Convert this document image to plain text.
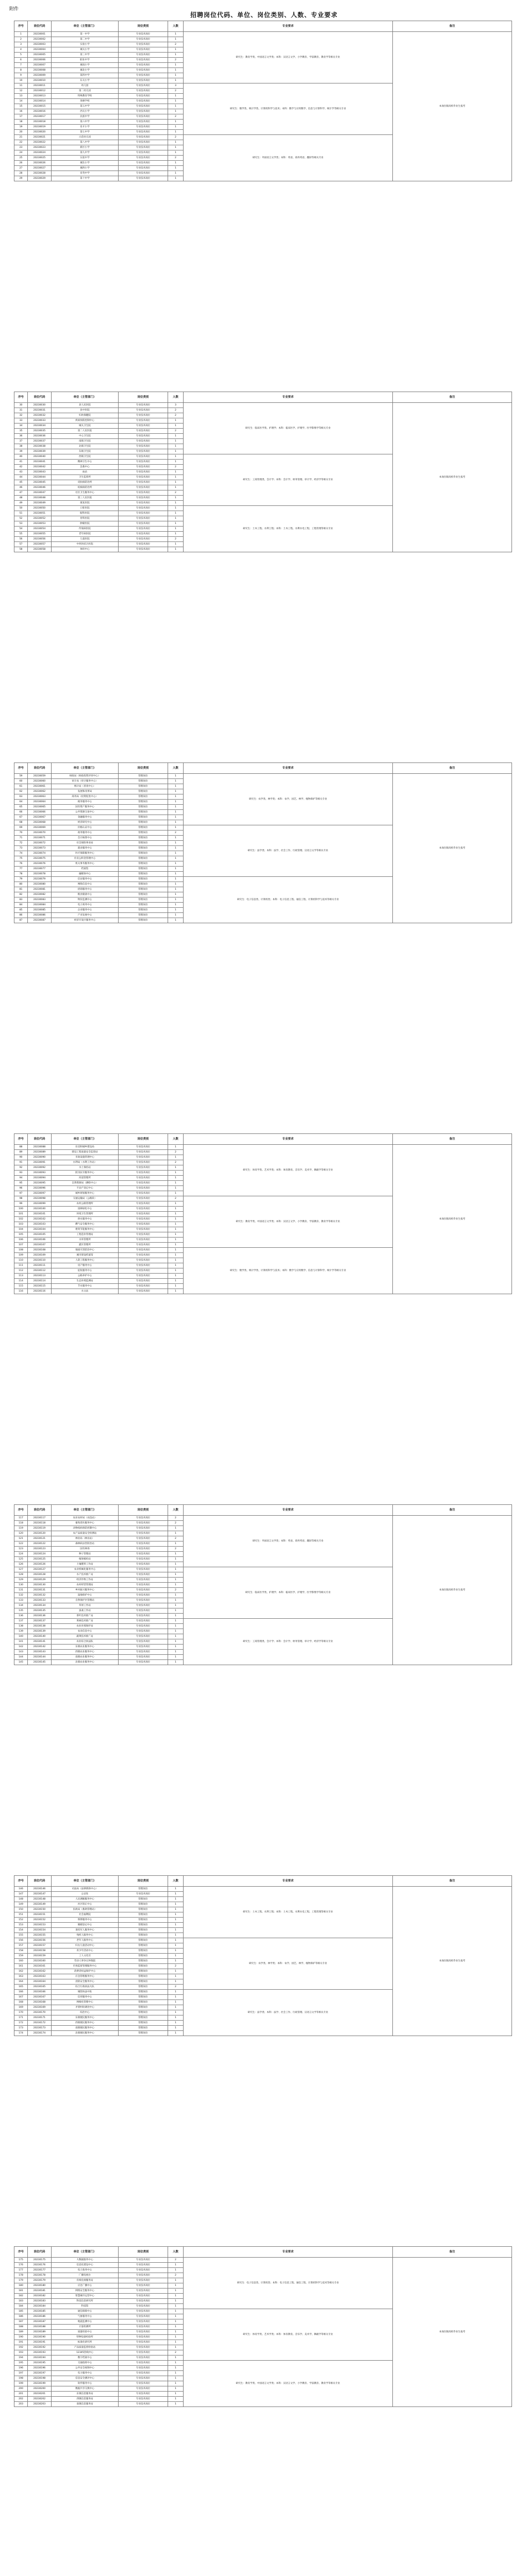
附件
招聘岗位代码、单位、岗位类别、人数、专业要求
序号	岗位代码	单位（主管部门）	岗位类别	人数	专业要求	备注
1	20230001	第一中学	专业技术岗位	1	研究生：教育学类、中国语言文学类；本科：汉语言文学、小学教育、学前教育、教育学等相关专业	本岗位限高校毕业生报考
2	20230002	第二中学	专业技术岗位	1		
3	20230003	实验小学	专业技术岗位	2		
4	20230004	城关小学	专业技术岗位	1		
5	20230005	第三中学	专业技术岗位	1		
6	20230006	职业中学	专业技术岗位	2		
7	20230007	城南小学	专业技术岗位	1		
8	20230008	城北小学	专业技术岗位	1		
9	20230009	第四中学	专业技术岗位	1		
10	20230010	东关小学	专业技术岗位	1		
11	20230011	幼儿园	专业技术岗位	3	研究生：数学类、统计学类、计算机科学与技术；本科：数学与应用数学、信息与计算科学、统计学等相关专业	
12	20230012	第二幼儿园	专业技术岗位	2		
13	20230013	特殊教育学校	专业技术岗位	1		
14	20230014	进修学校	专业技术岗位	1		
15	20230015	第五中学	专业技术岗位	1		
16	20230016	西关小学	专业技术岗位	1		
17	20230017	民族中学	专业技术岗位	2		
18	20230018	第六中学	专业技术岗位	1		
19	20230019	育才小学	专业技术岗位	1		
20	20230020	第七中学	专业技术岗位	1		
21	20230021	示范幼儿园	专业技术岗位	2	研究生：外国语言文学类；本科：英语、商务英语、翻译等相关专业	
22	20230022	第八中学	专业技术岗位	1		
23	20230023	新区小学	专业技术岗位	1		
24	20230024	第九中学	专业技术岗位	1		
25	20230025	实验中学	专业技术岗位	2		
26	20230026	城东小学	专业技术岗位	1		
27	20230027	城西小学	专业技术岗位	1		
28	20230028	育英中学	专业技术岗位	1		
29	20230029	第十中学	专业技术岗位	1		
序号	岗位代码	单位（主管部门）	岗位类别	人数	专业要求	备注
30	20230030	县人民医院	专业技术岗位	3	研究生：临床医学类、护理学；本科：临床医学、护理学、医学影像学等相关专业	本岗位限高校毕业生报考
31	20230031	县中医院	专业技术岗位	2		
32	20230032	妇幼保健院	专业技术岗位	2		
33	20230033	疾病预防控制中心	专业技术岗位	1		
34	20230034	城关卫生院	专业技术岗位	1		
35	20230035	第二人民医院	专业技术岗位	2		
36	20230036	中心卫生院	专业技术岗位	1		
37	20230037	南镇卫生院	专业技术岗位	1		
38	20230038	北镇卫生院	专业技术岗位	1		
39	20230039	东镇卫生院	专业技术岗位	1		
40	20230040	西镇卫生院	专业技术岗位	1	研究生：工商管理类、会计学；本科：会计学、财务管理、审计学、经济学等相关专业	
41	20230041	精神卫生中心	专业技术岗位	1		
42	20230042	急救中心	专业技术岗位	2		
43	20230043	血站	专业技术岗位	1		
44	20230044	卫生监督所	专业技术岗位	1		
45	20230045	皮肤病防治所	专业技术岗位	1		
46	20230046	结核病防治所	专业技术岗位	1		
47	20230047	社区卫生服务中心	专业技术岗位	2		
48	20230048	第三人民医院	专业技术岗位	1		
49	20230049	康复医院	专业技术岗位	1		
50	20230050	口腔医院	专业技术岗位	1	研究生：土木工程、水利工程；本科：土木工程、水利水电工程、工程管理等相关专业	
51	20230051	眼科医院	专业技术岗位	1		
52	20230052	骨科医院	专业技术岗位	1		
53	20230053	肿瘤医院	专业技术岗位	1		
54	20230054	传染病医院	专业技术岗位	1		
55	20230055	老年病医院	专业技术岗位	1		
56	20230056	儿童医院	专业技术岗位	2		
57	20230057	中西医结合医院	专业技术岗位	1		
58	20230058	体检中心	专业技术岗位	1		
序号	岗位代码	单位（主管部门）	岗位类别	人数	专业要求	备注
59	20230059	财政局（财政投资评审中心）	管理岗位	1	研究生：农学类、林学类；本科：农学、园艺、林学、植物保护等相关专业	本岗位限高校毕业生报考
60	20230060	审计局（审计服务中心）	管理岗位	1		
61	20230061	统计局（普查中心）	管理岗位	1		
62	20230062	发展和改革局	管理岗位	1		
63	20230063	商务局（投资促进中心）	管理岗位	1		
64	20230064	税务服务中心	管理岗位	1		
65	20230065	国有资产服务中心	管理岗位	1		
66	20230066	公共资源交易中心	管理岗位	1		
67	20230067	金融服务中心	管理岗位	1		
68	20230068	经济研究中心	管理岗位	1		
69	20230069	价格认证中心	管理岗位	1	研究生：法学类；本科：法学、社会工作、行政管理、汉语言文学等相关专业	
70	20230070	政务服务中心	管理岗位	2		
71	20230071	会计核算中心	管理岗位	1		
72	20230072	社会保险事业局	管理岗位	1		
73	20230073	就业服务中心	管理岗位	1		
74	20230074	医疗保障服务中心	管理岗位	1		
75	20230075	住房公积金管理中心	管理岗位	1		
76	20230076	机关事务服务中心	管理岗位	1		
77	20230077	档案馆	管理岗位	1		
78	20230078	融媒体中心	管理岗位	1		
79	20230079	信访服务中心	管理岗位	1	研究生：电子信息类、计算机类；本科：电子信息工程、通信工程、计算机科学与技术等相关专业	
80	20230080	网络信息中心	管理岗位	1		
81	20230081	招商服务中心	管理岗位	1		
82	20230082	粮食储备中心	管理岗位	1		
83	20230083	物价监测中心	管理岗位	1		
84	20230084	电子商务中心	管理岗位	1		
85	20230085	企业服务中心	管理岗位	1		
86	20230086	产业发展中心	管理岗位	1		
87	20230087	经济开发区服务中心	管理岗位	1		
序号	岗位代码	单位（主管部门）	岗位类别	人数	专业要求	备注
88	20230088	住房和城乡建设局	专业技术岗位	1	研究生：体育学类、艺术学类；本科：体育教育、音乐学、美术学、舞蹈学等相关专业	本岗位限高校毕业生报考
89	20230089	建设工程质量安全监督站	专业技术岗位	2		
90	20230090	市政设施管理中心	专业技术岗位	1		
91	20230091	水利局（水利工作站）	专业技术岗位	2		
92	20230092	水土保持站	专业技术岗位	1		
93	20230093	防汛抗旱服务中心	专业技术岗位	1		
94	20230094	河道管理所	专业技术岗位	1		
95	20230095	自然资源局（测绘中心）	专业技术岗位	1		
96	20230096	不动产登记中心	专业技术岗位	1		
97	20230097	城乡规划服务中心	专业技术岗位	1		
98	20230098	交通运输局（公路段）	专业技术岗位	2	研究生：教育学类、中国语言文学类；本科：汉语言文学、小学教育、学前教育、教育学等相关专业	
99	20230099	农村公路管理所	专业技术岗位	1		
100	20230100	园林绿化中心	专业技术岗位	1		
101	20230101	环境卫生管理所	专业技术岗位	1		
102	20230102	供水服务中心	专业技术岗位	1		
103	20230103	燃气安全服务中心	专业技术岗位	1		
104	20230104	建筑节能服务中心	专业技术岗位	1		
105	20230105	工程造价管理站	专业技术岗位	1		
106	20230106	水库管理所	专业技术岗位	1		
107	20230107	灌区管理所	专业技术岗位	1		
108	20230108	地质灾害防治中心	专业技术岗位	1	研究生：数学类、统计学类、计算机科学与技术；本科：数学与应用数学、信息与计算科学、统计学等相关专业	
109	20230109	城市建设档案馆	专业技术岗位	1		
110	20230110	人防工程服务中心	专业技术岗位	1		
111	20230111	房产服务中心	专业技术岗位	1		
112	20230112	征收服务中心	专业技术岗位	1		
113	20230113	公路养护中心	专业技术岗位	1		
114	20230114	生态环境监测站	专业技术岗位	1		
115	20230115	节水服务中心	专业技术岗位	1		
116	20230116	水文站	专业技术岗位	1		
序号	岗位代码	单位（主管部门）	岗位类别	人数	专业要求	备注
117	20230117	农业农村局（农技站）	专业技术岗位	2	研究生：外国语言文学类；本科：英语、商务英语、翻译等相关专业	本岗位限高校毕业生报考
118	20230118	畜牧兽医服务中心	专业技术岗位	2		
119	20230119	动物疫病预防控制中心	专业技术岗位	1		
120	20230120	农产品质量安全检测站	专业技术岗位	1		
121	20230121	林业局（林业站）	专业技术岗位	2		
122	20230122	森林病虫害防治站	专业技术岗位	1		
123	20230123	国有林场	专业技术岗位	2		
124	20230124	种子管理站	专业技术岗位	1		
125	20230125	植保植检站	专业技术岗位	1		
126	20230126	土壤肥料工作站	专业技术岗位	1		
127	20230127	农业机械化服务中心	专业技术岗位	1	研究生：临床医学类、护理学；本科：临床医学、护理学、医学影像学等相关专业	
128	20230128	水产技术推广站	专业技术岗位	1		
129	20230129	经济作物工作站	专业技术岗位	1		
130	20230130	农村经营管理站	专业技术岗位	1		
131	20230131	乡村振兴服务中心	专业技术岗位	2		
132	20230132	湿地保护中心	专业技术岗位	1		
133	20230133	自然保护区管理站	专业技术岗位	1		
134	20230134	草原工作站	专业技术岗位	1		
135	20230135	蚕桑工作站	专业技术岗位	1		
136	20230136	茶叶技术推广站	专业技术岗位	1		
137	20230137	果树技术推广站	专业技术岗位	1	研究生：工商管理类、会计学；本科：会计学、财务管理、审计学、经济学等相关专业	
138	20230138	农业环境保护站	专业技术岗位	1		
139	20230139	农业信息中心	专业技术岗位	1		
140	20230140	蔬菜技术推广站	专业技术岗位	1		
141	20230141	农业综合执法队	专业技术岗位	1		
142	20230142	东镇农业服务中心	专业技术岗位	1		
143	20230143	西镇农业服务中心	专业技术岗位	1		
144	20230144	南镇农业服务中心	专业技术岗位	1		
145	20230145	北镇农业服务中心	专业技术岗位	1		
序号	岗位代码	单位（主管部门）	岗位类别	人数	专业要求	备注
146	20230146	司法局（法律援助中心）	管理岗位	1	研究生：土木工程、水利工程；本科：土木工程、水利水电工程、工程管理等相关专业	本岗位限高校毕业生报考
147	20230147	公证处	专业技术岗位	1		
148	20230148	人民调解服务中心	管理岗位	1		
149	20230149	社区矫正中心	管理岗位	1		
150	20230150	民政局（救助管理站）	管理岗位	1		
151	20230151	社会福利院	管理岗位	1		
152	20230152	殡葬服务中心	管理岗位	1		
153	20230153	婚姻登记中心	管理岗位	1		
154	20230154	退役军人服务中心	管理岗位	1		
155	20230155	残疾人服务中心	管理岗位	1		
156	20230156	老年人服务中心	管理岗位	1	研究生：农学类、林学类；本科：农学、园艺、林学、植物保护等相关专业	
157	20230157	妇女儿童活动中心	管理岗位	1		
158	20230158	青少年活动中心	管理岗位	1		
159	20230159	工人文化宫	管理岗位	1		
160	20230160	劳动人事争议仲裁院	管理岗位	1		
161	20230161	市场监督管理服务中心	管理岗位	2		
162	20230162	消费者权益保护中心	管理岗位	1		
163	20230163	应急管理服务中心	管理岗位	1		
164	20230164	消防安全服务中心	管理岗位	1		
165	20230165	综合行政执法大队	管理岗位	2		
166	20230166	城管执法中队	管理岗位	1	研究生：法学类；本科：法学、社会工作、行政管理、汉语言文学等相关专业	
167	20230167	信用服务中心	管理岗位	1		
168	20230168	网格化管理中心	管理岗位	1		
169	20230169	矛盾纠纷调处中心	管理岗位	1		
170	20230170	综治中心	管理岗位	1		
171	20230171	东镇便民服务中心	管理岗位	1		
172	20230172	西镇便民服务中心	管理岗位	1		
173	20230173	南镇便民服务中心	管理岗位	1		
174	20230174	北镇便民服务中心	管理岗位	1		
序号	岗位代码	单位（主管部门）	岗位类别	人数	专业要求	备注
175	20230175	大数据服务中心	专业技术岗位	2	研究生：电子信息类、计算机类；本科：电子信息工程、通信工程、计算机科学与技术等相关专业	本岗位限高校毕业生报考
176	20230176	信息化建设中心	专业技术岗位	1		
177	20230177	电子政务中心	专业技术岗位	1		
178	20230178	广播电视台	专业技术岗位	2		
179	20230179	有线电视服务站	专业技术岗位	1		
180	20230180	应急广播中心	专业技术岗位	1		
181	20230181	网络安全服务中心	专业技术岗位	1		
182	20230182	智慧城市运营中心	专业技术岗位	1		
183	20230183	科技信息研究所	专业技术岗位	1		
184	20230184	科技馆	专业技术岗位	1		
185	20230185	通信保障中心	专业技术岗位	1	研究生：体育学类、艺术学类；本科：体育教育、音乐学、美术学、舞蹈学等相关专业	
186	20230186	气象服务中心	专业技术岗位	1		
187	20230187	地震监测中心	专业技术岗位	1		
188	20230188	计量检测所	专业技术岗位	1		
189	20230189	质量检验中心	专业技术岗位	1		
190	20230190	特种设备检验所	专业技术岗位	1		
191	20230191	标准化研究所	专业技术岗位	1		
192	20230192	产品质量监督检验站	专业技术岗位	1		
193	20230193	12345热线中心	专业技术岗位	2		
194	20230194	数字档案中心	专业技术岗位	1		
195	20230195	交通指挥中心	专业技术岗位	1	研究生：教育学类、中国语言文学类；本科：汉语言文学、小学教育、学前教育、教育学等相关专业	
196	20230196	公共安全视频中心	专业技术岗位	1		
197	20230197	电力服务中心	专业技术岗位	1		
198	20230198	信息安全测评中心	专业技术岗位	1		
199	20230199	软件服务中心	专业技术岗位	1		
200	20230200	数据共享交换中心	专业技术岗位	1		
201	20230201	东镇信息服务站	专业技术岗位	1		
202	20230202	西镇信息服务站	专业技术岗位	1		
203	20230203	南镇信息服务站	专业技术岗位	1		
